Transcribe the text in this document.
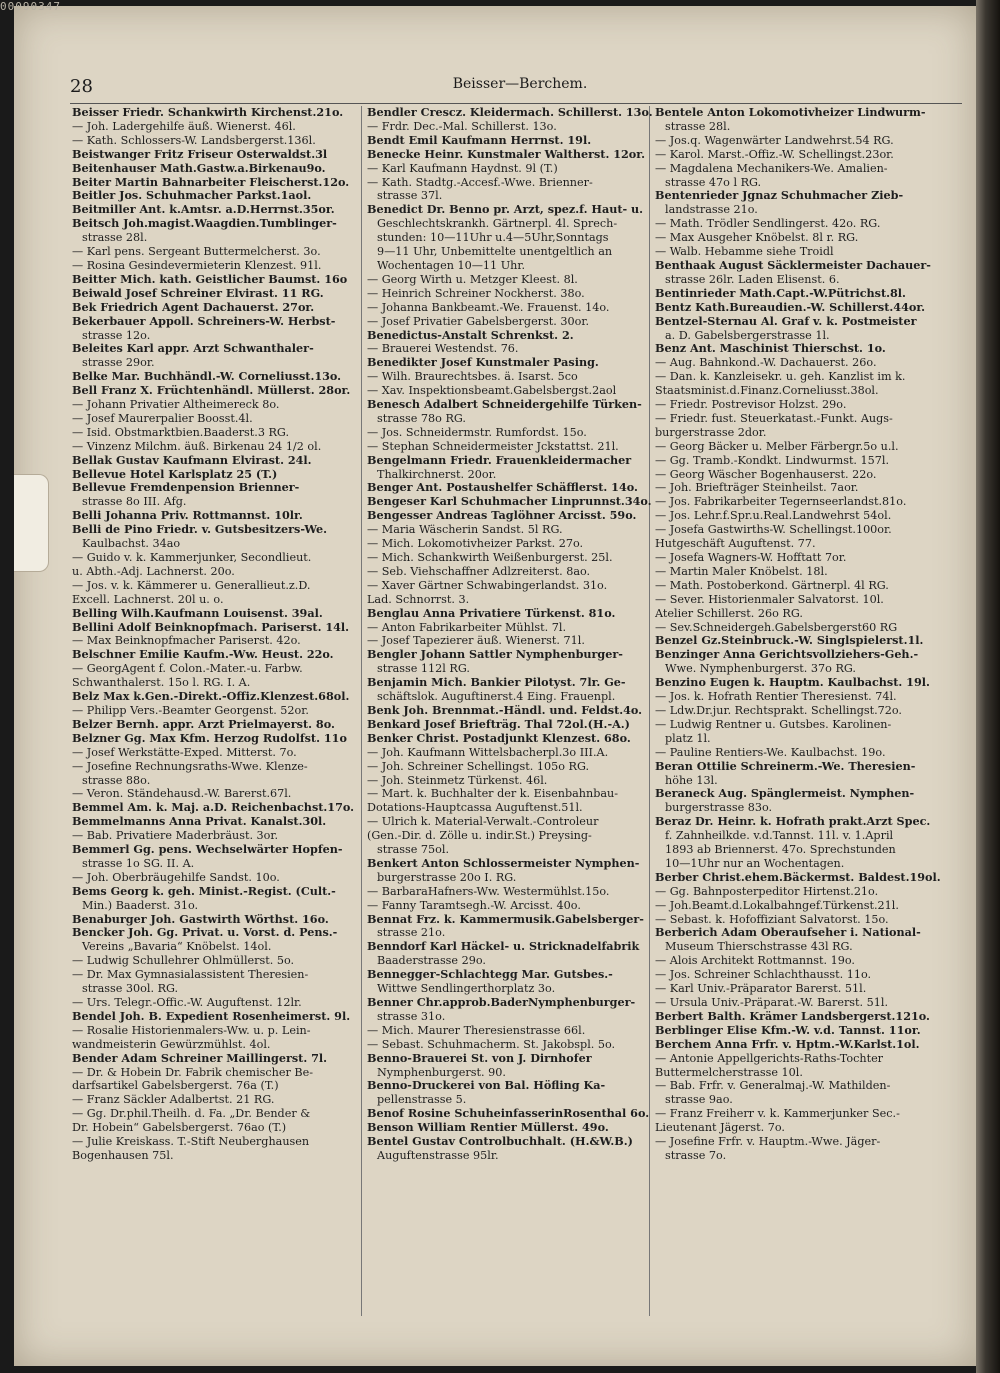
00090347
28	Beisser—Berchem.
Beisser Friedr. Schankwirth Kirchenst.21o.
— Joh. Ladergehilfe äuß. Wienerst. 46l.
— Kath. Schlossers-W. Landsbergerst.136l.
Beistwanger Fritz Friseur Osterwaldst.3l
Beitenhauser Math.Gastw.a.Birkenau9o.
Beiter Martin Bahnarbeiter Fleischerst.12o.
Beitler Jos. Schuhmacher Parkst.1aol.
Beitmiller Ant. k.Amtsr. a.D.Herrnst.35or.
Beitsch Joh.magist.Waagdien.Tumblinger-
strasse 28l.
— Karl pens. Sergeant Buttermelcherst. 3o.
— Rosina Gesindevermieterin Klenzest. 91l.
Beitter Mich. kath. Geistlicher Baumst. 16o
Beiwald Josef Schreiner Elvirast. 11 RG.
Bek Friedrich Agent Dachauerst. 27or.
Bekerbauer Appoll. Schreiners-W. Herbst-
strasse 12o.
Beleites Karl appr. Arzt Schwanthaler-
strasse 29or.
Belke Mar. Buchhändl.-W. Corneliusst.13o.
Bell Franz X. Früchtenhändl. Müllerst. 28or.
— Johann Privatier Altheimereck 8o.
— Josef Maurerpalier Boosst.4l.
— Isid. Obstmarktbien.Baaderst.3 RG.
— Vinzenz Milchm. äuß. Birkenau 24 1/2 ol.
Bellak Gustav Kaufmann Elvirast. 24l.
Bellevue Hotel Karlsplatz 25 (T.)
Bellevue Fremdenpension Brienner-
strasse 8o III. Afg.
Belli Johanna Priv. Rottmannst. 10lr.
Belli de Pino Friedr. v. Gutsbesitzers-We.
Kaulbachst. 34ao
— Guido v. k. Kammerjunker, Secondlieut.
u. Abth.-Adj. Lachnerst. 20o.
— Jos. v. k. Kämmerer u. Generallieut.z.D.
Excell. Lachnerst. 20l u. o.
Belling Wilh.Kaufmann Louisenst. 39al.
Bellini Adolf Beinknopfmach. Pariserst. 14l.
— Max Beinknopfmacher Pariserst. 42o.
Belschner Emilie Kaufm.-Ww. Heust. 22o.
— GeorgAgent f. Colon.-Mater.-u. Farbw.
Schwanthalerst. 15o l. RG. I. A.
Belz Max k.Gen.-Direkt.-Offiz.Klenzest.68ol.
— Philipp Vers.-Beamter Georgenst. 52or.
Belzer Bernh. appr. Arzt Prielmayerst. 8o.
Belzner Gg. Max Kfm. Herzog Rudolfst. 11o
— Josef Werkstätte-Exped. Mitterst. 7o.
— Josefine Rechnungsraths-Wwe. Klenze-
strasse 88o.
— Veron. Ständehausd.-W. Barerst.67l.
Bemmel Am. k. Maj. a.D. Reichenbachst.17o.
Bemmelmanns Anna Privat. Kanalst.30l.
— Bab. Privatiere Maderbräust. 3or.
Bemmerl Gg. pens. Wechselwärter Hopfen-
strasse 1o SG. II. A.
— Joh. Oberbräugehilfe Sandst. 10o.
Bems Georg k. geh. Minist.-Regist. (Cult.-
Min.) Baaderst. 31o.
Benaburger Joh. Gastwirth Wörthst. 16o.
Bencker Joh. Gg. Privat. u. Vorst. d. Pens.-
Vereins „Bavaria“ Knöbelst. 14ol.
— Ludwig Schullehrer Ohlmüllerst. 5o.
— Dr. Max Gymnasialassistent Theresien-
strasse 30ol. RG.
— Urs. Telegr.-Offic.-W. Auguftenst. 12lr.
Bendel Joh. B. Expedient Rosenheimerst. 9l.
— Rosalie Historienmalers-Ww. u. p. Lein-
wandmeisterin Gewürzmühlst. 4ol.
Bender Adam Schreiner Maillingerst. 7l.
— Dr. & Hobein Dr. Fabrik chemischer Be-
darfsartikel Gabelsbergerst. 76a (T.)
— Franz Säckler Adalbertst. 21 RG.
— Gg. Dr.phil.Theilh. d. Fa. „Dr. Bender &
Dr. Hobein“ Gabelsbergerst. 76ao (T.)
— Julie Kreiskass. T.-Stift Neuberghausen
Bogenhausen 75l.
Bendler Crescz. Kleidermach. Schillerst. 13o.
— Frdr. Dec.-Mal. Schillerst. 13o.
Bendt Emil Kaufmann Herrnst. 19l.
Benecke Heinr. Kunstmaler Waltherst. 12or.
— Karl Kaufmann Haydnst. 9l (T.)
— Kath. Stadtg.-Accesf.-Wwe. Brienner-
strasse 37l.
Benedict Dr. Benno pr. Arzt, spez.f. Haut- u.
Geschlechtskrankh. Gärtnerpl. 4l. Sprech-
stunden: 10—11Uhr u.4—5Uhr,Sonntags
9—11 Uhr, Unbemittelte unentgeltlich an
Wochentagen 10—11 Uhr.
— Georg Wirth u. Metzger Kleest. 8l.
— Heinrich Schreiner Nockherst. 38o.
— Johanna Bankbeamt.-We. Frauenst. 14o.
— Josef Privatier Gabelsbergerst. 30or.
Benedictus-Anstalt Schrenkst. 2.
— Brauerei Westendst. 76.
Benedikter Josef Kunstmaler Pasing.
— Wilh. Braurechtsbes. ä. Isarst. 5co
— Xav. Inspektionsbeamt.Gabelsbergst.2aol
Benesch Adalbert Schneidergehilfe Türken-
strasse 78o RG.
— Jos. Schneidermstr. Rumfordst. 15o.
— Stephan Schneidermeister Jckstattst. 21l.
Bengelmann Friedr. Frauenkleidermacher
Thalkirchnerst. 20or.
Benger Ant. Postaushelfer Schäfflerst. 14o.
Bengeser Karl Schuhmacher Linprunnst.34o.
Bengesser Andreas Taglöhner Arcisst. 59o.
— Maria Wäscherin Sandst. 5l RG.
— Mich. Lokomotivheizer Parkst. 27o.
— Mich. Schankwirth Weißenburgerst. 25l.
— Seb. Viehschaffner Adlzreiterst. 8ao.
— Xaver Gärtner Schwabingerlandst. 31o.
Lad. Schnorrst. 3.
Benglau Anna Privatiere Türkenst. 81o.
— Anton Fabrikarbeiter Mühlst. 7l.
— Josef Tapezierer äuß. Wienerst. 71l.
Bengler Johann Sattler Nymphenburger-
strasse 112l RG.
Benjamin Mich. Bankier Pilotyst. 7lr. Ge-
schäftslok. Auguftinerst.4 Eing. Frauenpl.
Benk Joh. Brennmat.-Händl. und. Feldst.4o.
Benkard Josef Briefträg. Thal 72ol.(H.-A.)
Benker Christ. Postadjunkt Klenzest. 68o.
— Joh. Kaufmann Wittelsbacherpl.3o III.A.
— Joh. Schreiner Schellingst. 105o RG.
— Joh. Steinmetz Türkenst. 46l.
— Mart. k. Buchhalter der k. Eisenbahnbau-
Dotations-Hauptcassa Auguftenst.51l.
— Ulrich k. Material-Verwalt.-Controleur
(Gen.-Dir. d. Zölle u. indir.St.) Preysing-
strasse 75ol.
Benkert Anton Schlossermeister Nymphen-
burgerstrasse 20o I. RG.
— BarbaraHafners-Ww. Westermühlst.15o.
— Fanny Taramtsegh.-W. Arcisst. 40o.
Bennat Frz. k. Kammermusik.Gabelsberger-
strasse 21o.
Benndorf Karl Häckel- u. Stricknadelfabrik
Baaderstrasse 29o.
Bennegger-Schlachtegg Mar. Gutsbes.-
Wittwe Sendlingerthorplatz 3o.
Benner Chr.approb.BaderNymphenburger-
strasse 31o.
— Mich. Maurer Theresienstrasse 66l.
— Sebast. Schuhmacherm. St. Jakobspl. 5o.
Benno-Brauerei St. von J. Dirnhofer
Nymphenburgerst. 90.
Benno-Druckerei von Bal. Höfling Ka-
pellenstrasse 5.
Benof Rosine SchuheinfasserinRosenthal 6o.
Benson William Rentier Müllerst. 49o.
Bentel Gustav Controlbuchhalt. (H.&W.B.)
Auguftenstrasse 95lr.
Bentele Anton Lokomotivheizer Lindwurm-
strasse 28l.
— Jos.q. Wagenwärter Landwehrst.54 RG.
— Karol. Marst.-Offiz.-W. Schellingst.23or.
— Magdalena Mechanikers-We. Amalien-
strasse 47o l RG.
Bentenrieder Jgnaz Schuhmacher Zieb-
landstrasse 21o.
— Math. Trödler Sendlingerst. 42o. RG.
— Max Ausgeher Knöbelst. 8l r. RG.
— Walb. Hebamme siehe Troidl
Benthaak August Säcklermeister Dachauer-
strasse 26lr. Laden Elisenst. 6.
Bentinrieder Math.Capt.-W.Pütrichst.8l.
Bentz Kath.Bureaudien.-W. Schillerst.44or.
Bentzel-Sternau Al. Graf v. k. Postmeister
a. D. Gabelsbergerstrasse 1l.
Benz Ant. Maschinist Thierschst. 1o.
— Aug. Bahnkond.-W. Dachauerst. 26o.
— Dan. k. Kanzleisekr. u. geh. Kanzlist im k.
Staatsminist.d.Finanz.Corneliusst.38ol.
— Friedr. Postrevisor Holzst. 29o.
— Friedr. fust. Steuerkatast.-Funkt. Augs-
burgerstrasse 2dor.
— Georg Bäcker u. Melber Färbergr.5o u.l.
— Gg. Tramb.-Kondkt. Lindwurmst. 157l.
— Georg Wäscher Bogenhauserst. 22o.
— Joh. Briefträger Steinheilst. 7aor.
— Jos. Fabrikarbeiter Tegernseerlandst.81o.
— Jos. Lehr.f.Spr.u.Real.Landwehrst 54ol.
— Josefa Gastwirths-W. Schellingst.100or.
Hutgeschäft Auguftenst. 77.
— Josefa Wagners-W. Hofftatt 7or.
— Martin Maler Knöbelst. 18l.
— Math. Postoberkond. Gärtnerpl. 4l RG.
— Sever. Historienmaler Salvatorst. 10l.
Atelier Schillerst. 26o RG.
— Sev.Schneidergeh.Gabelsbergerst60 RG
Benzel Gz.Steinbruck.-W. Singlspielerst.1l.
Benzinger Anna Gerichtsvollziehers-Geh.-
Wwe. Nymphenburgerst. 37o RG.
Benzino Eugen k. Hauptm. Kaulbachst. 19l.
— Jos. k. Hofrath Rentier Theresienst. 74l.
— Ldw.Dr.jur. Rechtsprakt. Schellingst.72o.
— Ludwig Rentner u. Gutsbes. Karolinen-
platz 1l.
— Pauline Rentiers-We. Kaulbachst. 19o.
Beran Ottilie Schreinerm.-We. Theresien-
höhe 13l.
Beraneck Aug. Spänglermeist. Nymphen-
burgerstrasse 83o.
Beraz Dr. Heinr. k. Hofrath prakt.Arzt Spec.
f. Zahnheilkde. v.d.Tannst. 11l. v. 1.April
1893 ab Briennerst. 47o. Sprechstunden
10—1Uhr nur an Wochentagen.
Berber Christ.ehem.Bäckermst. Baldest.19ol.
— Gg. Bahnposterpeditor Hirtenst.21o.
— Joh.Beamt.d.Lokalbahngef.Türkenst.21l.
— Sebast. k. Hofoffiziant Salvatorst. 15o.
Berberich Adam Oberaufseher i. National-
Museum Thierschstrasse 43l RG.
— Alois Architekt Rottmannst. 19o.
— Jos. Schreiner Schlachthausst. 11o.
— Karl Univ.-Präparator Barerst. 51l.
— Ursula Univ.-Präparat.-W. Barerst. 51l.
Berbert Balth. Krämer Landsbergerst.121o.
Berblinger Elise Kfm.-W. v.d. Tannst. 11or.
Berchem Anna Frfr. v. Hptm.-W.Karlst.1ol.
— Antonie Appellgerichts-Raths-Tochter
Buttermelcherstrasse 10l.
— Bab. Frfr. v. Generalmaj.-W. Mathilden-
strasse 9ao.
— Franz Freiherr v. k. Kammerjunker Sec.-
Lieutenant Jägerst. 7o.
— Josefine Frfr. v. Hauptm.-Wwe. Jäger-
strasse 7o.
